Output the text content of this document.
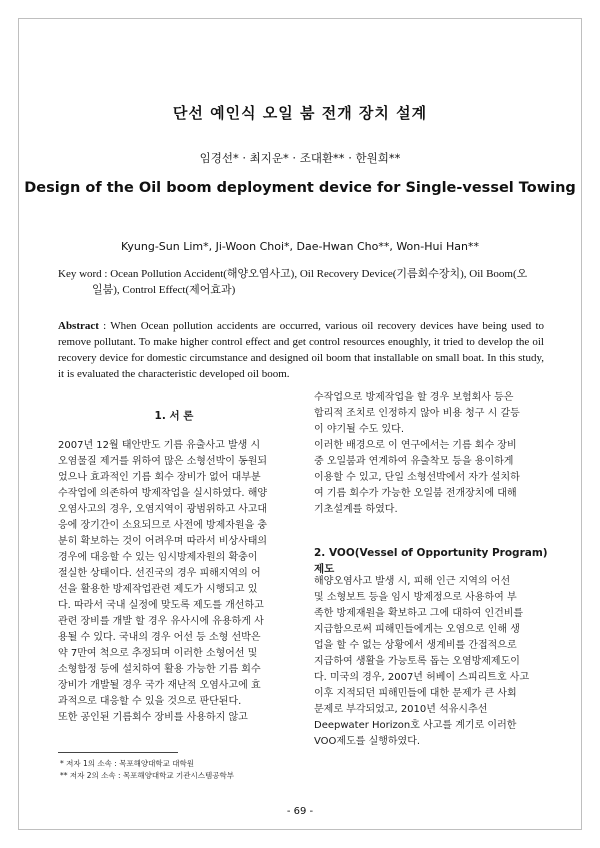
단선 예인식 오일 붐 전개 장치 설계
임경선* · 최지운* · 조대환** · 한원희**
Design of the Oil boom deployment device for Single-vessel Towing
Kyung-Sun Lim*, Ji-Woon Choi*, Dae-Hwan Cho**, Won-Hui Han**
Key word : Ocean Pollution Accident(해양오염사고), Oil Recovery Device(기름회수장치), Oil Boom(오
일붐), Control Effect(제어효과)
Abstract : When Ocean pollution accidents are occurred, various oil recovery devices have being used to remove pollutant. To make higher control effect and get control resources enoughly, it tried to develop the oil recovery device for domestic circumstance and designed oil boom that installable on small boat. In this study, it is evaluated the characteristic developed oil boom.
1. 서 론
2007년 12월 태안반도 기름 유출사고 발생 시
오염물질 제거를 위하여 많은 소형선박이 동원되
었으나 효과적인 기름 회수 장비가 없어 대부분
수작업에 의존하여 방제작업을 실시하였다. 해양
오염사고의 경우, 오염지역이 광범위하고 사고대
응에 장기간이 소요되므로 사전에 방제자원을 충
분히 확보하는 것이 어려우며 따라서 비상사태의
경우에 대응할 수 있는 임시방제자원의 확충이
절실한 상태이다. 선진국의 경우 피해지역의 어
선을 활용한 방제작업관련 제도가 시행되고 있
다. 따라서 국내 실정에 맞도록 제도를 개선하고
관련 장비를 개발 할 경우 유사시에 유용하게 사
용될 수 있다. 국내의 경우 어선 등 소형 선박은
약 7만여 척으로 추정되며 이러한 소형어선 및
소형함정 등에 설치하여 활용 가능한 기름 회수
장비가 개발될 경우 국가 재난적 오염사고에 효
과적으로 대응할 수 있을 것으로 판단된다.
또한 공인된 기름회수 장비를 사용하지 않고
수작업으로 방제작업을 할 경우 보험회사 등은
합리적 조치로 인정하지 않아 비용 청구 시 갈등
이 야기될 수도 있다.
이러한 배경으로 이 연구에서는 기름 회수 장비
중 오일붐과 연계하여 유출착모 등을 용이하게
이용할 수 있고, 단일 소형선박에서 자가 설치하
여 기름 회수가 가능한 오일붐 전개장치에 대해
기초설계를 하였다.
2. VOO(Vessel of Opportunity Program)제도
해양오염사고 발생 시, 피해 인근 지역의 어선
및 소형보트 등을 임시 방제정으로 사용하여 부
족한 방제재원을 확보하고 그에 대하여 인건비를
지급함으로써 피해민들에게는 오염으로 인해 생
업을 할 수 없는 상황에서 생계비를 간접적으로
지급하여 생활을 가능토록 돕는 오염방제제도이
다. 미국의 경우, 2007년 허베이 스피리트호 사고
이후 지적되던 피해민들에 대한 문제가 큰 사회
문제로 부각되었고, 2010년 석유시추선
Deepwater Horizon호 사고를 계기로 이러한
VOO제도를 실행하였다.
* 저자 1의 소속 : 목포해양대학교 대학원
** 저자 2의 소속 : 목포해양대학교 기관시스템공학부
- 69 -
